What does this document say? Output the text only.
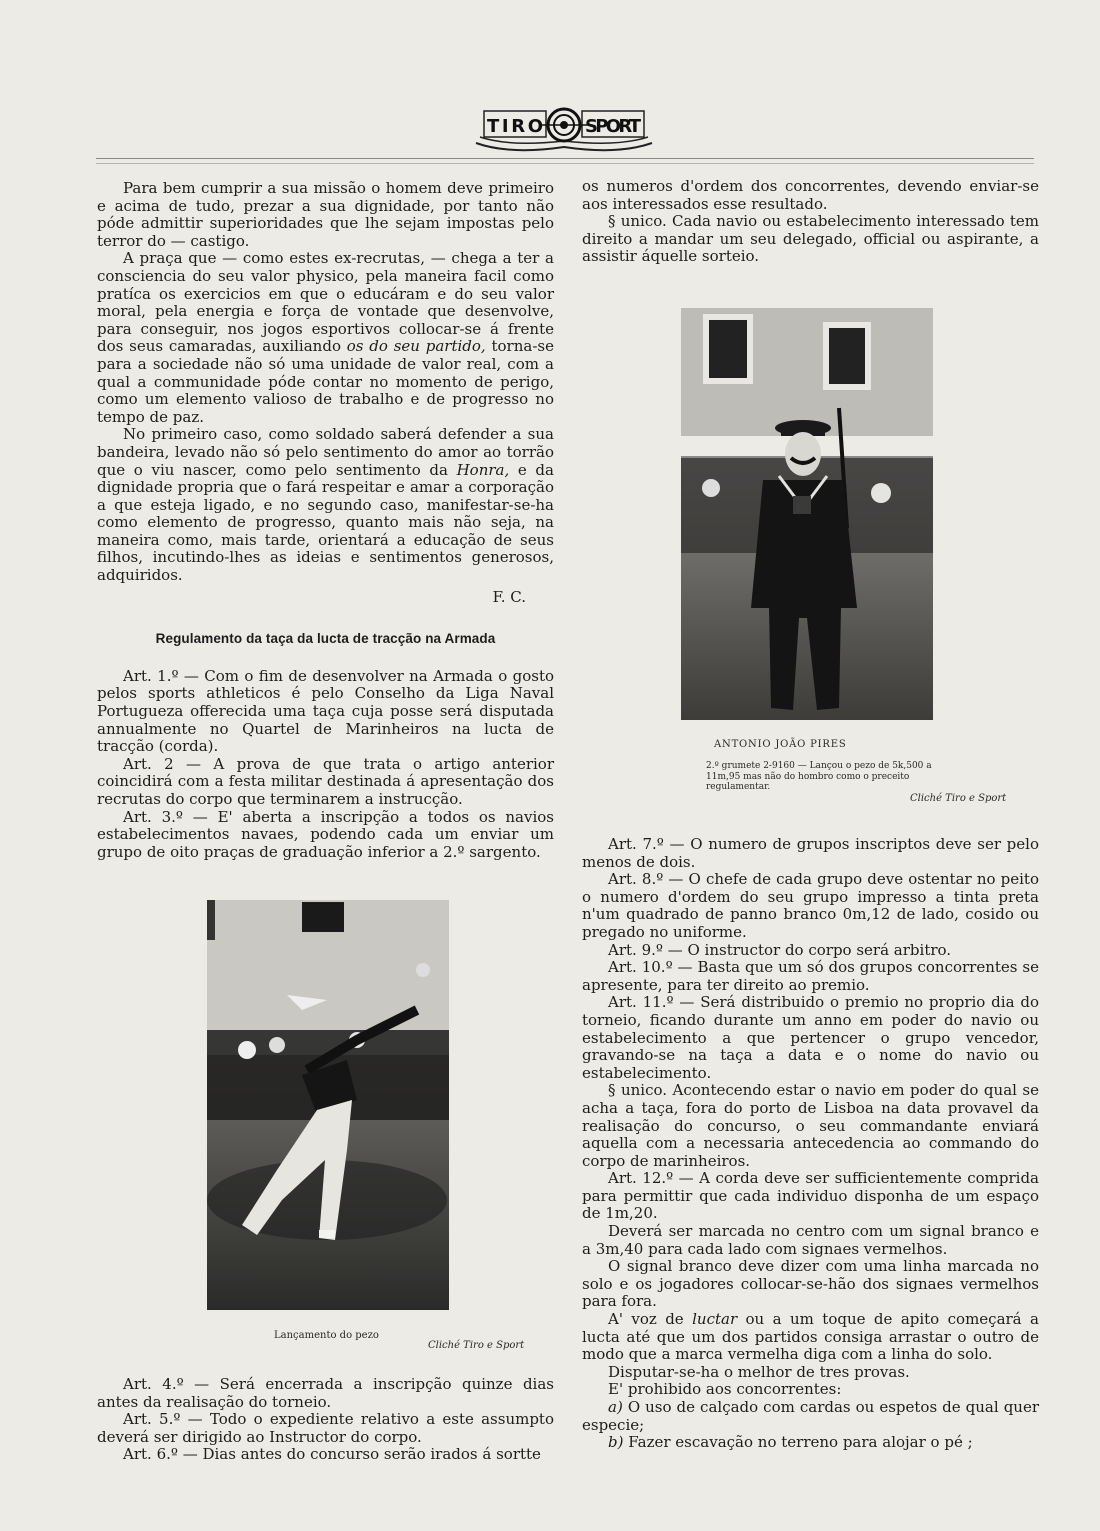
TIRO SPORT

Para bem cumprir a sua missão o homem deve primeiro e acima de tudo, prezar a sua dignidade, por tanto não póde admittir superioridades que lhe sejam impostas pelo terror do — castigo.

A praça que — como estes ex-recrutas, — chega a ter a consciencia do seu valor physico, pela maneira facil como pratíca os exercicios em que o educáram e do seu valor moral, pela energia e força de vontade que desenvolve, para conseguir, nos jogos esportivos collocar-se á frente dos seus camaradas, auxiliando os do seu partido, torna-se para a sociedade não só uma unidade de valor real, com a qual a communidade póde contar no momento de perigo, como um elemento valioso de trabalho e de progresso no tempo de paz.

No primeiro caso, como soldado saberá defender a sua bandeira, levado não só pelo sentimento do amor ao torrão que o viu nascer, como pelo sentimento da Honra, e da dignidade propria que o fará respeitar e amar a corporação a que esteja ligado, e no segundo caso, manifestar-se-ha como elemento de progresso, quanto mais não seja, na maneira como, mais tarde, orientará a educação de seus filhos, incutindo-lhes as ideias e sentimentos generosos, adquiridos.

F. C.
Regulamento da taça da lucta de tracção na Armada

Art. 1.º — Com o fim de desenvolver na Armada o gosto pelos sports athleticos é pelo Conselho da Liga Naval Portugueza offerecida uma taça cuja posse será disputada annualmente no Quartel de Marinheiros na lucta de tracção (corda).

Art. 2 — A prova de que trata o artigo anterior coincidirá com a festa militar destinada á apresentação dos recrutas do corpo que terminarem a instrucção.

Art. 3.º — E' aberta a inscripção a todos os navios estabelecimentos navaes, podendo cada um enviar um grupo de oito praças de graduação inferior a 2.º sargento.

Lançamento do pezo
Cliché Tiro e Sport

Art. 4.º — Será encerrada a inscripção quinze dias antes da realisação do torneio.

Art. 5.º — Todo o expediente relativo a este assumpto deverá ser dirigido ao Instructor do corpo.

Art. 6.º — Dias antes do concurso serão irados á sortte

os numeros d'ordem dos concorrentes, devendo enviar-se aos interessados esse resultado.

§ unico. Cada navio ou estabelecimento interessado tem direito a mandar um seu delegado, official ou aspirante, a assistir áquelle sorteio.

ANTONIO JOÃO PIRES
2.º grumete 2-9160 — Lançou o pezo de 5k,500 a 11m,95 mas não do hombro como o preceito regulamentar.
Cliché Tiro e Sport

Art. 7.º — O numero de grupos inscriptos deve ser pelo menos de dois.

Art. 8.º — O chefe de cada grupo deve ostentar no peito o numero d'ordem do seu grupo impresso a tinta preta n'um quadrado de panno branco 0m,12 de lado, cosido ou pregado no uniforme.

Art. 9.º — O instructor do corpo será arbitro.

Art. 10.º — Basta que um só dos grupos concorrentes se apresente, para ter direito ao premio.

Art. 11.º — Será distribuido o premio no proprio dia do torneio, ficando durante um anno em poder do navio ou estabelecimento a que pertencer o grupo vencedor, gravando-se na taça a data e o nome do navio ou estabelecimento.

§ unico. Acontecendo estar o navio em poder do qual se acha a taça, fora do porto de Lisboa na data provavel da realisação do concurso, o seu commandante enviará aquella com a necessaria antecedencia ao commando do corpo de marinheiros.

Art. 12.º — A corda deve ser sufficientemente comprida para permittir que cada individuo disponha de um espaço de 1m,20.

Deverá ser marcada no centro com um signal branco e a 3m,40 para cada lado com signaes vermelhos.

O signal branco deve dizer com uma linha marcada no solo e os jogadores collocar-se-hão dos signaes vermelhos para fora.

A' voz de luctar ou a um toque de apito começará a lucta até que um dos partidos consiga arrastar o outro de modo que a marca vermelha diga com a linha do solo.

Disputar-se-ha o melhor de tres provas.

E' prohibido aos concorrentes:

a) O uso de calçado com cardas ou espetos de qual quer especie;

b) Fazer escavação no terreno para alojar o pé ;
